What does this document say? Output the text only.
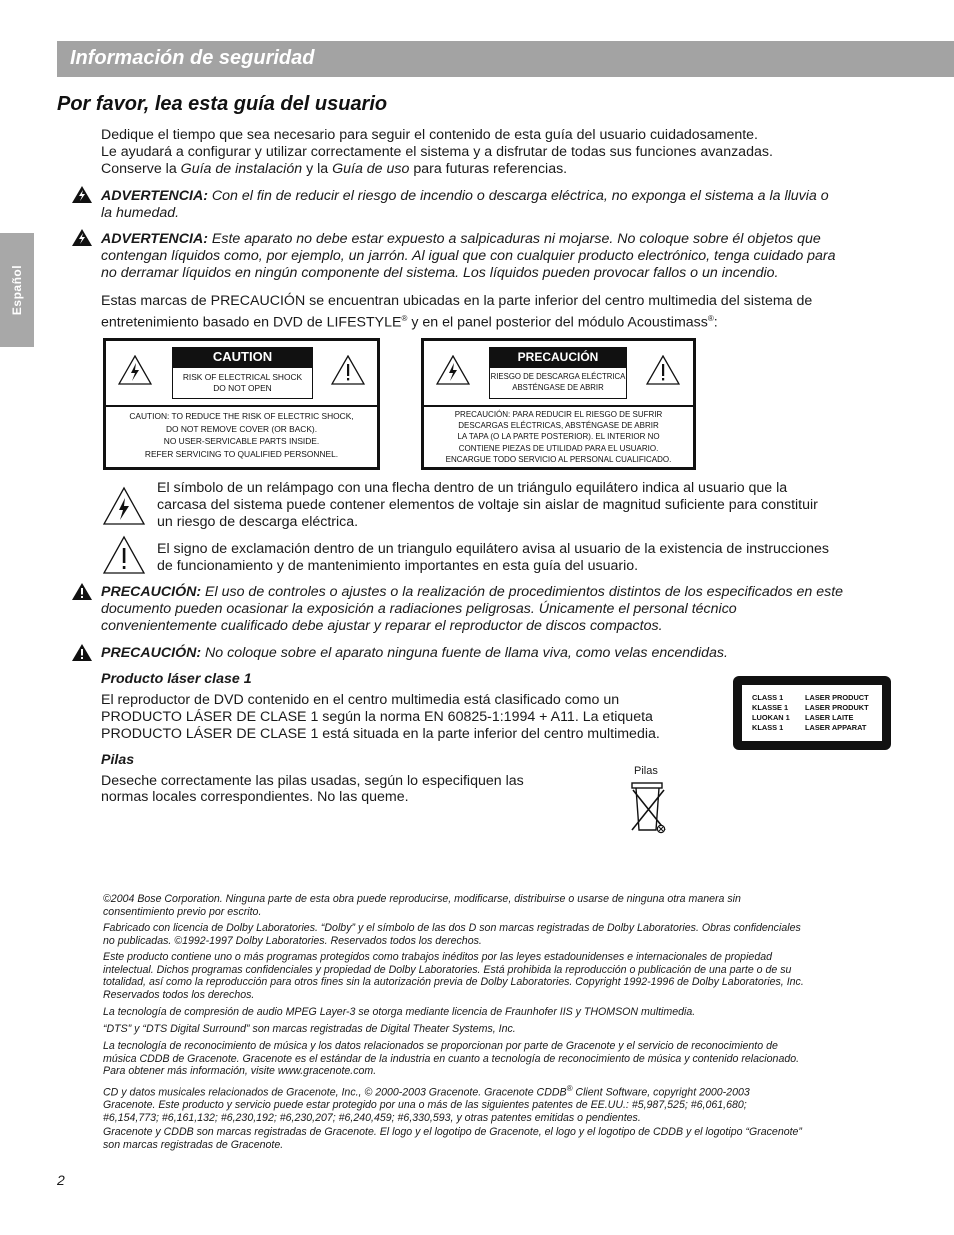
Información de seguridad
Español
Por favor, lea esta guía del usuario
Dedique el tiempo que sea necesario para seguir el contenido de esta guía del usuario cuidadosamente.
Le ayudará a configurar y utilizar correctamente el sistema y a disfrutar de todas sus funciones avanzadas.
Conserve la Guía de instalación y la Guía de uso para futuras referencias.
ADVERTENCIA: Con el fin de reducir el riesgo de incendio o descarga eléctrica, no exponga el sistema a la lluvia o
la humedad.
ADVERTENCIA: Este aparato no debe estar expuesto a salpicaduras ni mojarse. No coloque sobre él objetos que
contengan líquidos como, por ejemplo, un jarrón. Al igual que con cualquier producto electrónico, tenga cuidado para
no derramar líquidos en ningún componente del sistema. Los líquidos pueden provocar fallos o un incendio.
Estas marcas de PRECAUCIÓN se encuentran ubicadas en la parte inferior del centro multimedia del sistema de
entretenimiento basado en DVD de LIFESTYLE® y en el panel posterior del módulo Acoustimass®:
CAUTION
RISK OF ELECTRICAL SHOCK
DO NOT OPEN
CAUTION: TO REDUCE THE RISK OF ELECTRIC SHOCK,
DO NOT REMOVE COVER (OR BACK).
NO USER-SERVICABLE PARTS INSIDE.
REFER SERVICING TO QUALIFIED PERSONNEL.
PRECAUCIÓN
RIESGO DE DESCARGA ELÉCTRICA
ABSTÉNGASE DE ABRIR
PRECAUCIÓN: PARA REDUCIR EL RIESGO DE SUFRIR
DESCARGAS ELÉCTRICAS, ABSTÉNGASE DE ABRIR
LA TAPA (O LA PARTE POSTERIOR). EL INTERIOR NO
CONTIENE PIEZAS DE UTILIDAD PARA EL USUARIO.
ENCARGUE TODO SERVICIO AL PERSONAL CUALIFICADO.
El símbolo de un relámpago con una flecha dentro de un triángulo equilátero indica al usuario que la
carcasa del sistema puede contener elementos de voltaje sin aislar de magnitud suficiente para constituir
un riesgo de descarga eléctrica.
El signo de exclamación dentro de un triangulo equilátero avisa al usuario de la existencia de instrucciones
de funcionamiento y de mantenimiento importantes en esta guía del usuario.
PRECAUCIÓN: El uso de controles o ajustes o la realización de procedimientos distintos de los especificados en este
documento pueden ocasionar la exposición a radiaciones peligrosas. Únicamente el personal técnico
convenientemente cualificado debe ajustar y reparar el reproductor de discos compactos.
PRECAUCIÓN: No coloque sobre el aparato ninguna fuente de llama viva, como velas encendidas.
Producto láser clase 1
El reproductor de DVD contenido en el centro multimedia está clasificado como un
PRODUCTO LÁSER DE CLASE 1 según la norma EN 60825-1:1994 + A11. La etiqueta
PRODUCTO LÁSER DE CLASE 1 está situada en la parte inferior del centro multimedia.
CLASS 1	LASER PRODUCT
KLASSE 1 LASER PRODUKT
LUOKAN 1 LASER LAITE
KLASS 1	LASER APPARAT
Pilas
Deseche correctamente las pilas usadas, según lo especifiquen las
normas locales correspondientes. No las queme.
Pilas
©2004 Bose Corporation. Ninguna parte de esta obra puede reproducirse, modificarse, distribuirse o usarse de ninguna otra manera sin
consentimiento previo por escrito.
Fabricado con licencia de Dolby Laboratories. “Dolby” y el símbolo de las dos D son marcas registradas de Dolby Laboratories. Obras confidenciales
no publicadas. ©1992-1997 Dolby Laboratories. Reservados todos los derechos.
Este producto contiene uno o más programas protegidos como trabajos inéditos por las leyes estadounidenses e internacionales de propiedad
intelectual. Dichos programas confidenciales y propiedad de Dolby Laboratories. Está prohibida la reproducción o publicación de una parte o de su
totalidad, así como la reproducción para otros fines sin la autorización previa de Dolby Laboratories. Copyright 1992-1996 de Dolby Laboratories, Inc.
Reservados todos los derechos.
La tecnología de compresión de audio MPEG Layer-3 se otorga mediante licencia de Fraunhofer IIS y THOMSON multimedia.
“DTS” y “DTS Digital Surround” son marcas registradas de Digital Theater Systems, Inc.
La tecnología de reconocimiento de música y los datos relacionados se proporcionan por parte de Gracenote y el servicio de reconocimiento de
música CDDB de Gracenote. Gracenote es el estándar de la industria en cuanto a tecnología de reconocimiento de música y contenido relacionado.
Para obtener más información, visite www.gracenote.com.
CD y datos musicales relacionados de Gracenote, Inc., © 2000-2003 Gracenote. Gracenote CDDB® Client Software, copyright 2000-2003
Gracenote. Este producto y servicio puede estar protegido por una o más de las siguientes patentes de EE.UU.: #5,987,525; #6,061,680;
#6,154,773; #6,161,132; #6,230,192; #6,230,207; #6,240,459; #6,330,593, y otras patentes emitidas o pendientes.
Gracenote y CDDB son marcas registradas de Gracenote. El logo y el logotipo de Gracenote, el logo y el logotipo de CDDB y el logotipo “Gracenote”
son marcas registradas de Gracenote.
2
